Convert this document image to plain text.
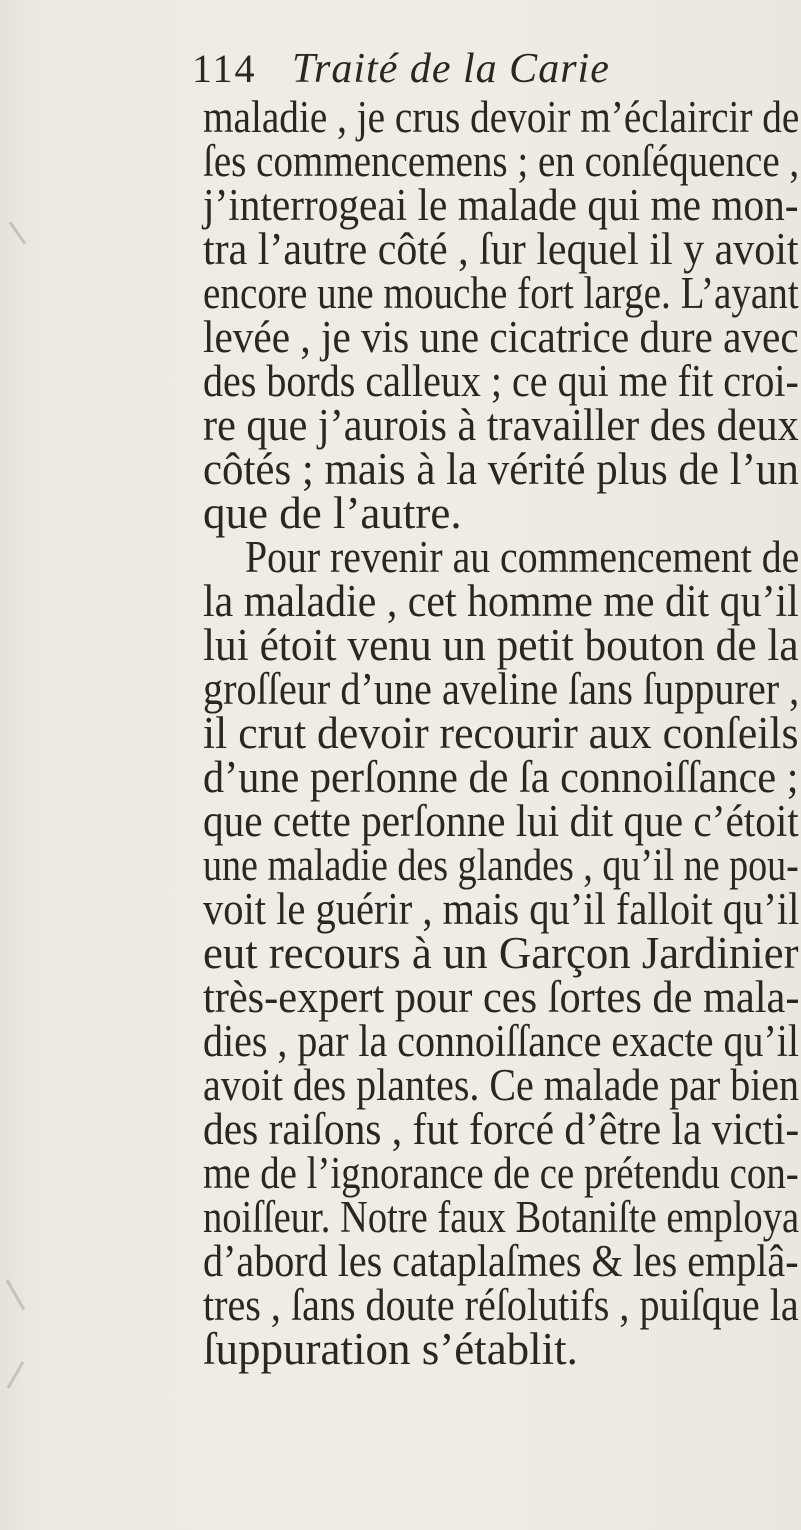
114 Traité de la Carie
maladie , je crus devoir m’éclaircir de
ſes commencemens ; en conſéquence ,
j’interrogeai le malade qui me mon-
tra l’autre côté , ſur lequel il y avoit
encore une mouche fort large. L’ayant
levée , je vis une cicatrice dure avec
des bords calleux ; ce qui me fit croi-
re que j’aurois à travailler des deux
côtés ; mais à la vérité plus de l’un
que de l’autre.
Pour revenir au commencement de
la maladie , cet homme me dit qu’il
lui étoit venu un petit bouton de la
groſſeur d’une aveline ſans ſuppurer ,
il crut devoir recourir aux conſeils
d’une perſonne de ſa connoiſſance ;
que cette perſonne lui dit que c’étoit
une maladie des glandes , qu’il ne pou-
voit le guérir , mais qu’il falloit qu’il
eut recours à un Garçon Jardinier
très-expert pour ces ſortes de mala-
dies , par la connoiſſance exacte qu’il
avoit des plantes. Ce malade par bien
des raiſons , fut forcé d’être la victi-
me de l’ignorance de ce prétendu con-
noiſſeur. Notre faux Botaniſte employa
d’abord les cataplaſmes & les emplâ-
tres , ſans doute réſolutifs , puiſque la
ſuppuration s’établit.
